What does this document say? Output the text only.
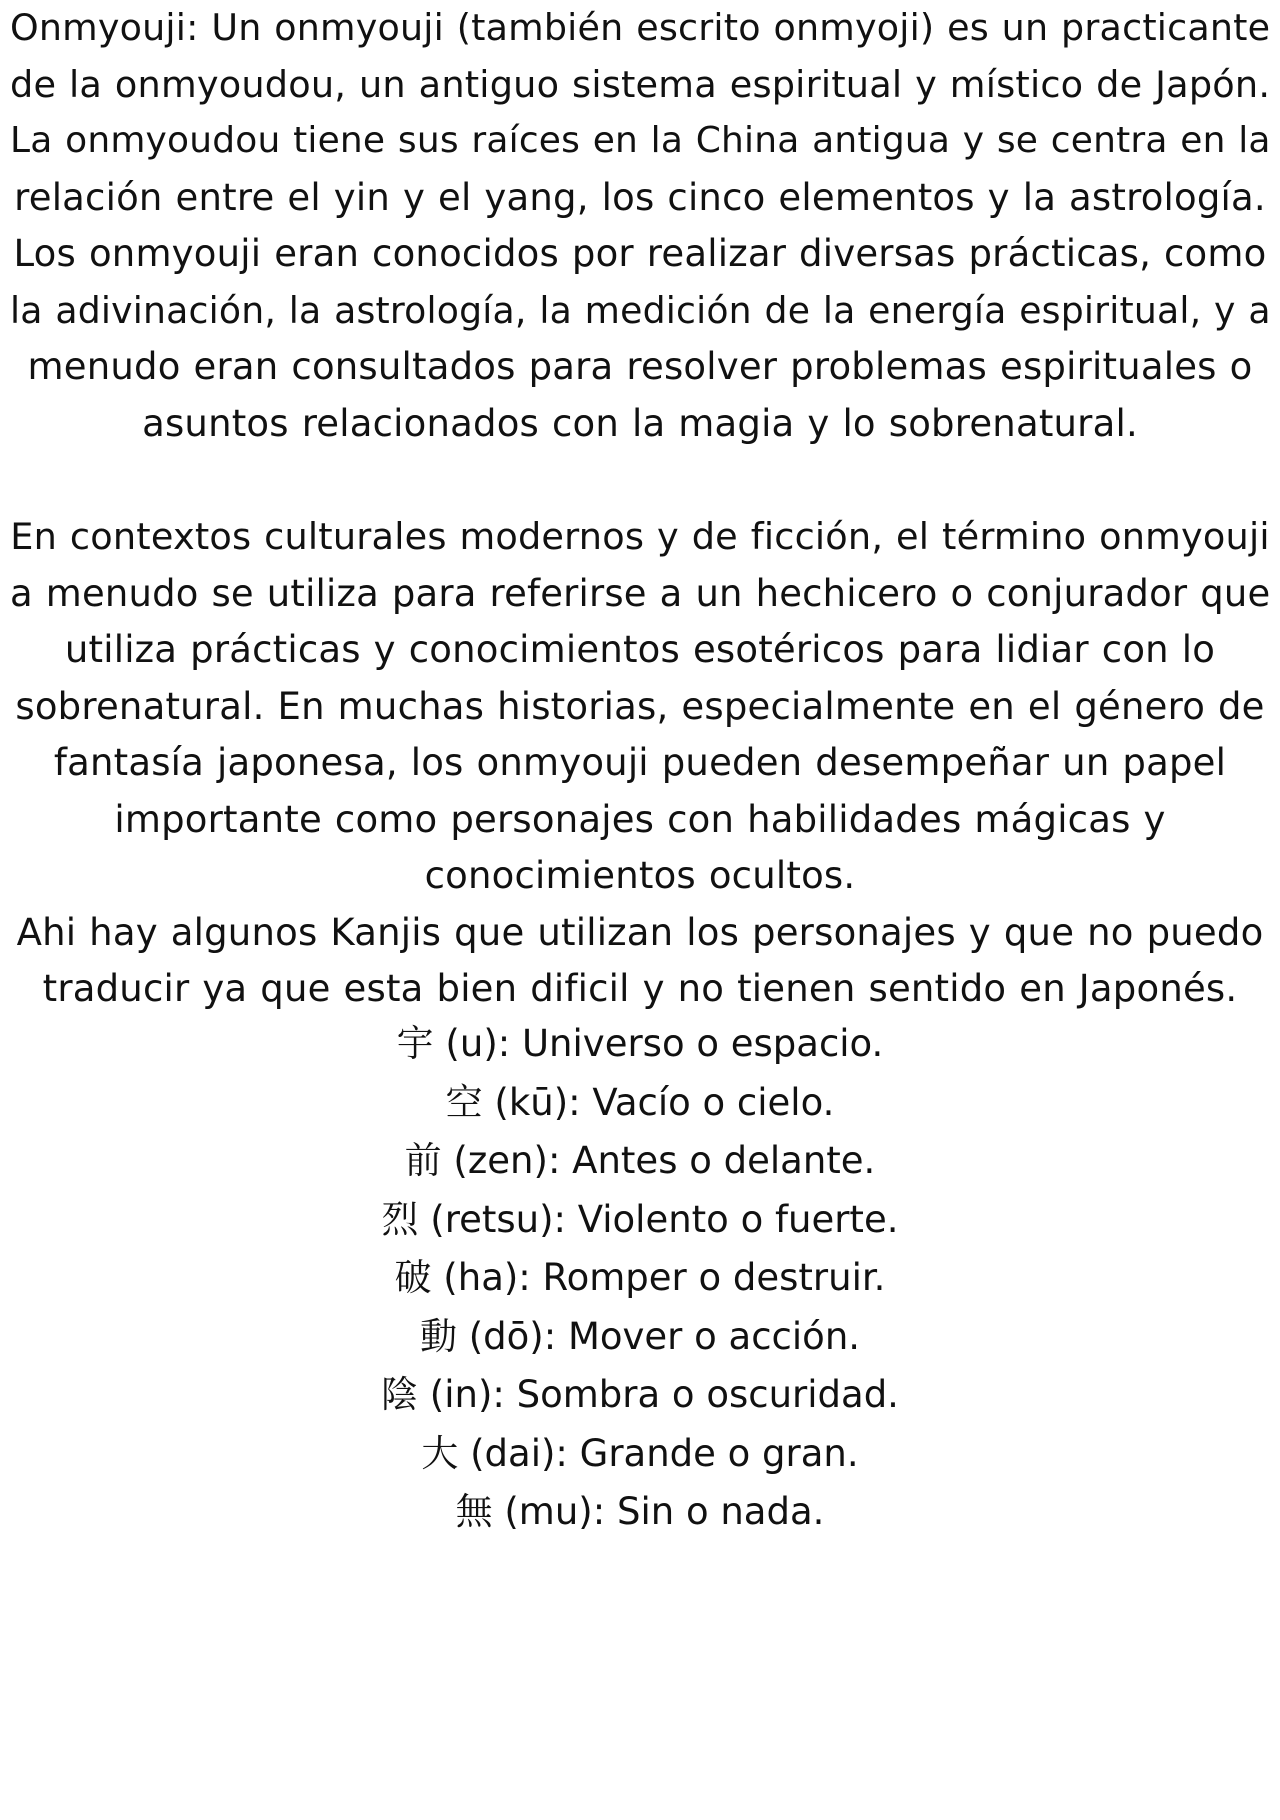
Onmyouji: Un onmyouji (también escrito onmyoji) es un practicante
de la onmyoudou, un antiguo sistema espiritual y místico de Japón.
La onmyoudou tiene sus raíces en la China antigua y se centra en la
relación entre el yin y el yang, los cinco elementos y la astrología.
Los onmyouji eran conocidos por realizar diversas prácticas, como
la adivinación, la astrología, la medición de la energía espiritual, y a
menudo eran consultados para resolver problemas espirituales o
asuntos relacionados con la magia y lo sobrenatural.
En contextos culturales modernos y de ficción, el término onmyouji
a menudo se utiliza para referirse a un hechicero o conjurador que
utiliza prácticas y conocimientos esotéricos para lidiar con lo
sobrenatural. En muchas historias, especialmente en el género de
fantasía japonesa, los onmyouji pueden desempeñar un papel
importante como personajes con habilidades mágicas y
conocimientos ocultos.
Ahi hay algunos Kanjis que utilizan los personajes y que no puedo
traducir ya que esta bien dificil y no tienen sentido en Japonés.
宇 (u): Universo o espacio.
空 (kū): Vacío o cielo.
前 (zen): Antes o delante.
烈 (retsu): Violento o fuerte.
破 (ha): Romper o destruir.
動 (dō): Mover o acción.
陰 (in): Sombra o oscuridad.
大 (dai): Grande o gran.
無 (mu): Sin o nada.
